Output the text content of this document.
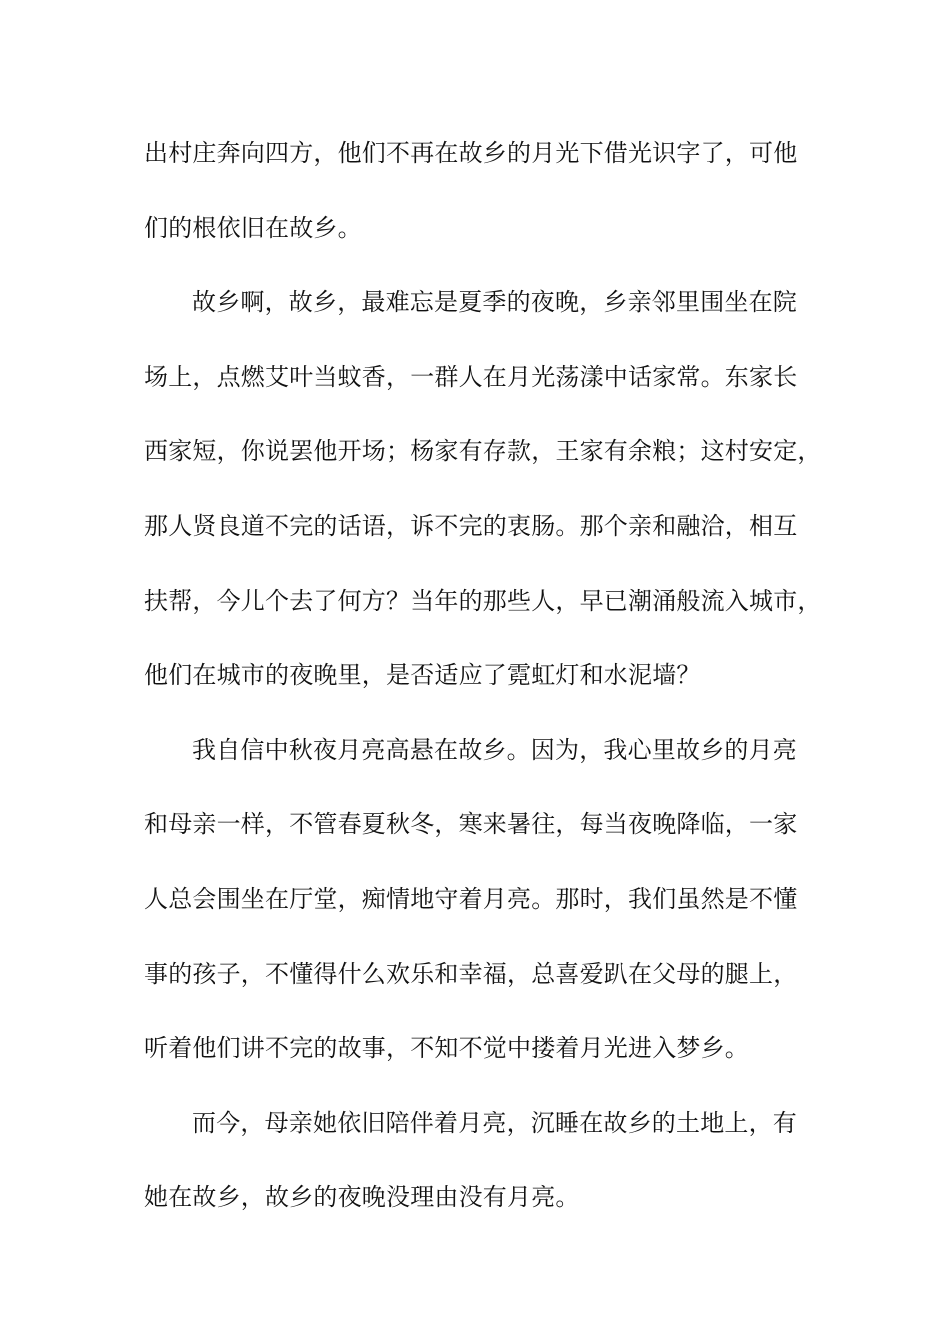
出村庄奔向四方，他们不再在故乡的月光下借光识字了，可他
们的根依旧在故乡。
故乡啊，故乡，最难忘是夏季的夜晚，乡亲邻里围坐在院
场上，点燃艾叶当蚊香，一群人在月光荡漾中话家常。东家长
西家短，你说罢他开场；杨家有存款，王家有余粮；这村安定，
那人贤良道不完的话语，诉不完的衷肠。那个亲和融洽，相互
扶帮，今儿个去了何方？当年的那些人，早已潮涌般流入城市，
他们在城市的夜晚里，是否适应了霓虹灯和水泥墙？
我自信中秋夜月亮高悬在故乡。因为，我心里故乡的月亮
和母亲一样，不管春夏秋冬，寒来暑往，每当夜晚降临，一家
人总会围坐在厅堂，痴情地守着月亮。那时，我们虽然是不懂
事的孩子，不懂得什么欢乐和幸福，总喜爱趴在父母的腿上，
听着他们讲不完的故事，不知不觉中搂着月光进入梦乡。
而今，母亲她依旧陪伴着月亮，沉睡在故乡的土地上，有
她在故乡，故乡的夜晚没理由没有月亮。
